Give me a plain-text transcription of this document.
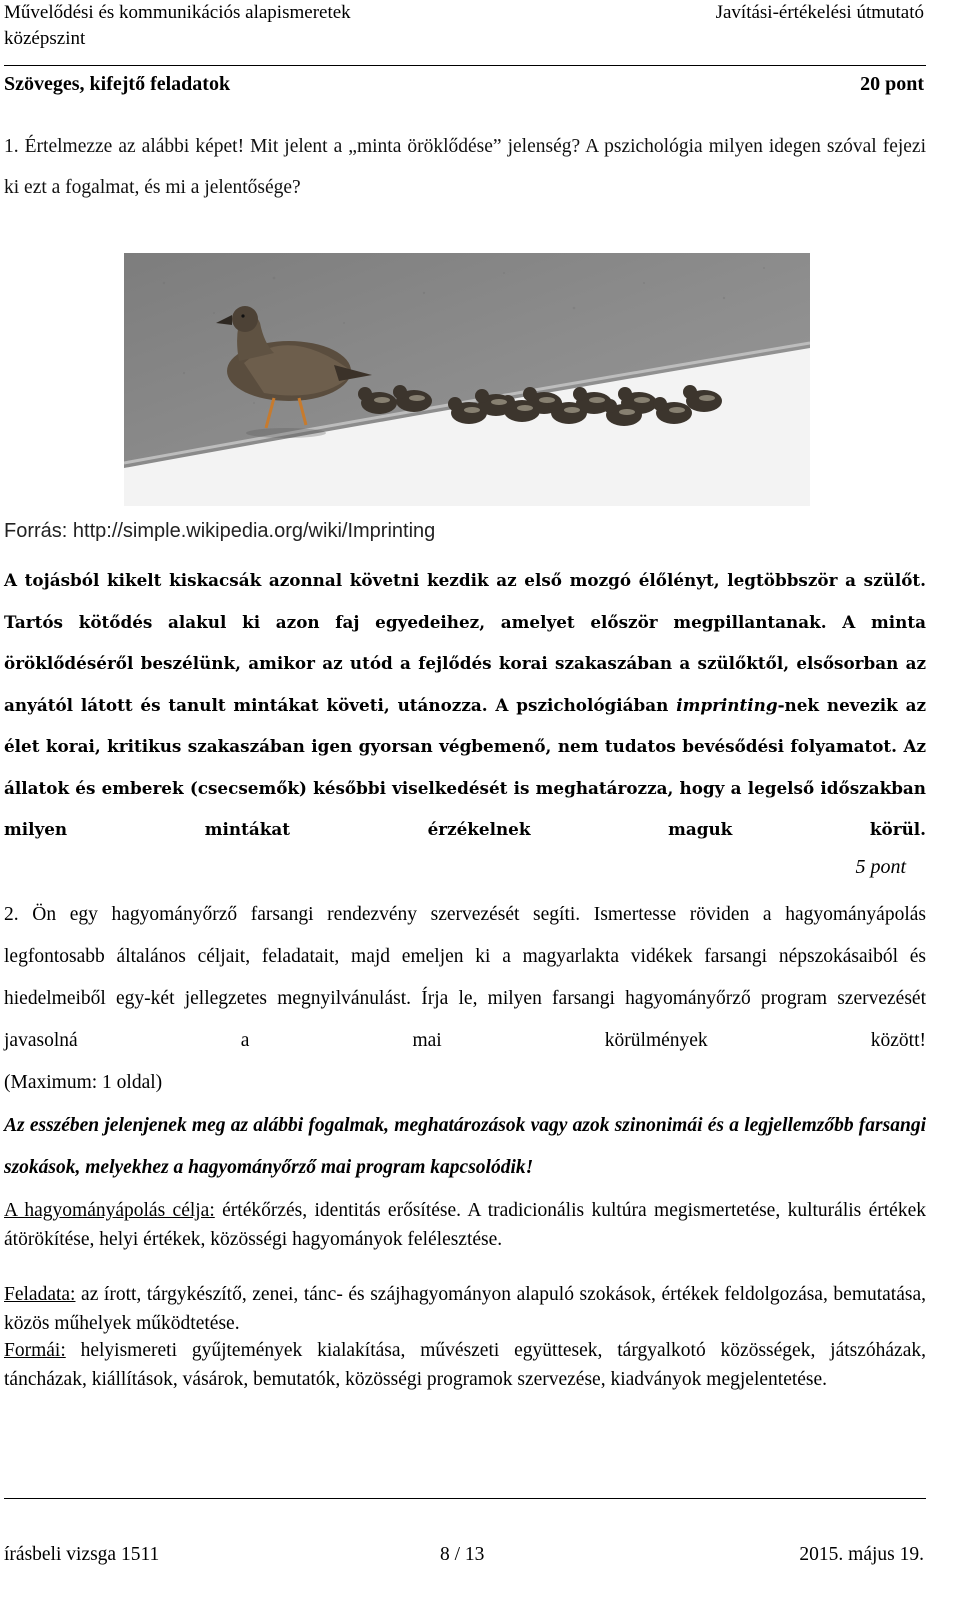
Művelődési és kommunikációs alapismeretek
középszint
Javítási-értékelési útmutató
Szöveges, kifejtő feladatok	20 pont
1. Értelmezze az alábbi képet! Mit jelent a „minta öröklődése” jelenség? A pszichológia milyen idegen szóval fejezi ki ezt a fogalmat, és mi a jelentősége?
Forrás: http://simple.wikipedia.org/wiki/Imprinting
A tojásból kikelt kiskacsák azonnal követni kezdik az első mozgó élőlényt, legtöbbször a szülőt. Tartós kötődés alakul ki azon faj egyedeihez, amelyet először megpillantanak. A minta öröklődéséről beszélünk, amikor az utód a fejlődés korai szakaszában a szülőktől, elsősorban az anyától látott és tanult mintákat követi, utánozza. A pszichológiában imprinting-nek nevezik az élet korai, kritikus szakaszában igen gyorsan végbemenő, nem tudatos bevésődési folyamatot. Az állatok és emberek (csecsemők) későbbi viselkedését is meghatározza, hogy a legelső időszakban milyen mintákat érzékelnek maguk körül.
5 pont
2. Ön egy hagyományőrző farsangi rendezvény szervezését segíti. Ismertesse röviden a hagyományápolás legfontosabb általános céljait, feladatait, majd emeljen ki a magyarlakta vidékek farsangi népszokásaiból és hiedelmeiből egy-két jellegzetes megnyilvánulást. Írja le, milyen farsangi hagyományőrző program szervezését javasolná a mai körülmények között!
(Maximum: 1 oldal)
Az esszében jelenjenek meg az alábbi fogalmak, meghatározások vagy azok szinonimái és a legjellemzőbb farsangi szokások, melyekhez a hagyományőrző mai program kapcsolódik!
A hagyományápolás célja: értékőrzés, identitás erősítése. A tradicionális kultúra megismertetése, kulturális értékek átörökítése, helyi értékek, közösségi hagyományok felélesztése.
Feladata: az írott, tárgykészítő, zenei, tánc- és szájhagyományon alapuló szokások, értékek feldolgozása, bemutatása, közös műhelyek működtetése.
Formái: helyismereti gyűjtemények kialakítása, művészeti együttesek, tárgyalkotó közösségek, játszóházak, táncházak, kiállítások, vásárok, bemutatók, közösségi programok szervezése, kiadványok megjelentetése.
írásbeli vizsga 1511	8 / 13	2015. május 19.
